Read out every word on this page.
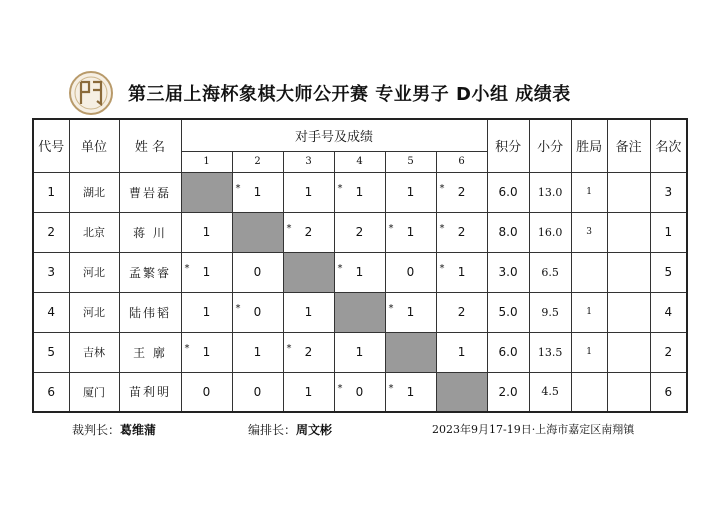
第三届上海杯象棋大师公开赛 专业男子 D小组 成绩表
代号	单位	姓 名	对手号及成绩						积分	小分	胜局	备注	名次
			1	2	3	4	5	6					
1	湖北	曹岩磊		* 1	1	* 1	1	* 2	6.0	13.0	1		3
2	北京	蒋 川	1		* 2	2	* 1	* 2	8.0	16.0	3		1
3	河北	孟繁睿	* 1	0		* 1	0	* 1	3.0	6.5			5
4	河北	陆伟韬	1	* 0	1		* 1	2	5.0	9.5	1		4
5	吉林	王 廓	* 1	1	* 2	1		1	6.0	13.5	1		2
6	厦门	苗利明	0	0	1	* 0	* 1		2.0	4.5			6
裁判长：葛维蒲	编排长：周文彬	2023年9月17-19日·上海市嘉定区南翔镇
